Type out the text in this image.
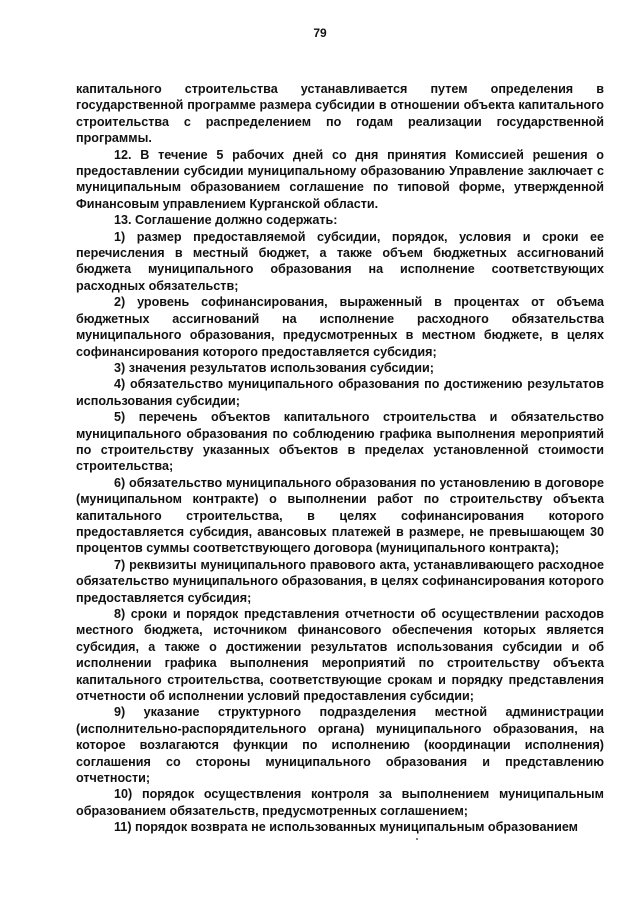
79

капитального строительства устанавливается путем определения в государственной программе размера субсидии в отношении объекта капитального строительства с распределением по годам реализации государственной программы.

12. В течение 5 рабочих дней со дня принятия Комиссией решения о предоставлении субсидии муниципальному образованию Управление заключает с муниципальным образованием соглашение по типовой форме, утвержденной Финансовым управлением Курганской области.

13. Соглашение должно содержать:

1) размер предоставляемой субсидии, порядок, условия и сроки ее перечисления в местный бюджет, а также объем бюджетных ассигнований бюджета муниципального образования на исполнение соответствующих расходных обязательств;

2) уровень софинансирования, выраженный в процентах от объема бюджетных ассигнований на исполнение расходного обязательства муниципального образования, предусмотренных в местном бюджете, в целях софинансирования которого предоставляется субсидия;

3) значения результатов использования субсидии;

4) обязательство муниципального образования по достижению результатов использования субсидии;

5) перечень объектов капитального строительства и обязательство муниципального образования по соблюдению графика выполнения мероприятий по строительству указанных объектов в пределах установленной стоимости строительства;

6) обязательство муниципального образования по установлению в договоре (муниципальном контракте) о выполнении работ по строительству объекта капитального строительства, в целях софинансирования которого предоставляется субсидия, авансовых платежей в размере, не превышающем 30 процентов суммы соответствующего договора (муниципального контракта);

7) реквизиты муниципального правового акта, устанавливающего расходное обязательство муниципального образования, в целях софинансирования которого предоставляется субсидия;

8) сроки и порядок представления отчетности об осуществлении расходов местного бюджета, источником финансового обеспечения которых является субсидия, а также о достижении результатов использования субсидии и об исполнении графика выполнения мероприятий по строительству объекта капитального строительства, соответствующие срокам и порядку представления отчетности об исполнении условий предоставления субсидии;

9) указание структурного подразделения местной администрации (исполнительно-распорядительного органа) муниципального образования, на которое возлагаются функции по исполнению (координации исполнения) соглашения со стороны муниципального образования и представлению отчетности;

10) порядок осуществления контроля за выполнением муниципальным образованием обязательств, предусмотренных соглашением;

11) порядок возврата не использованных муниципальным образованием
